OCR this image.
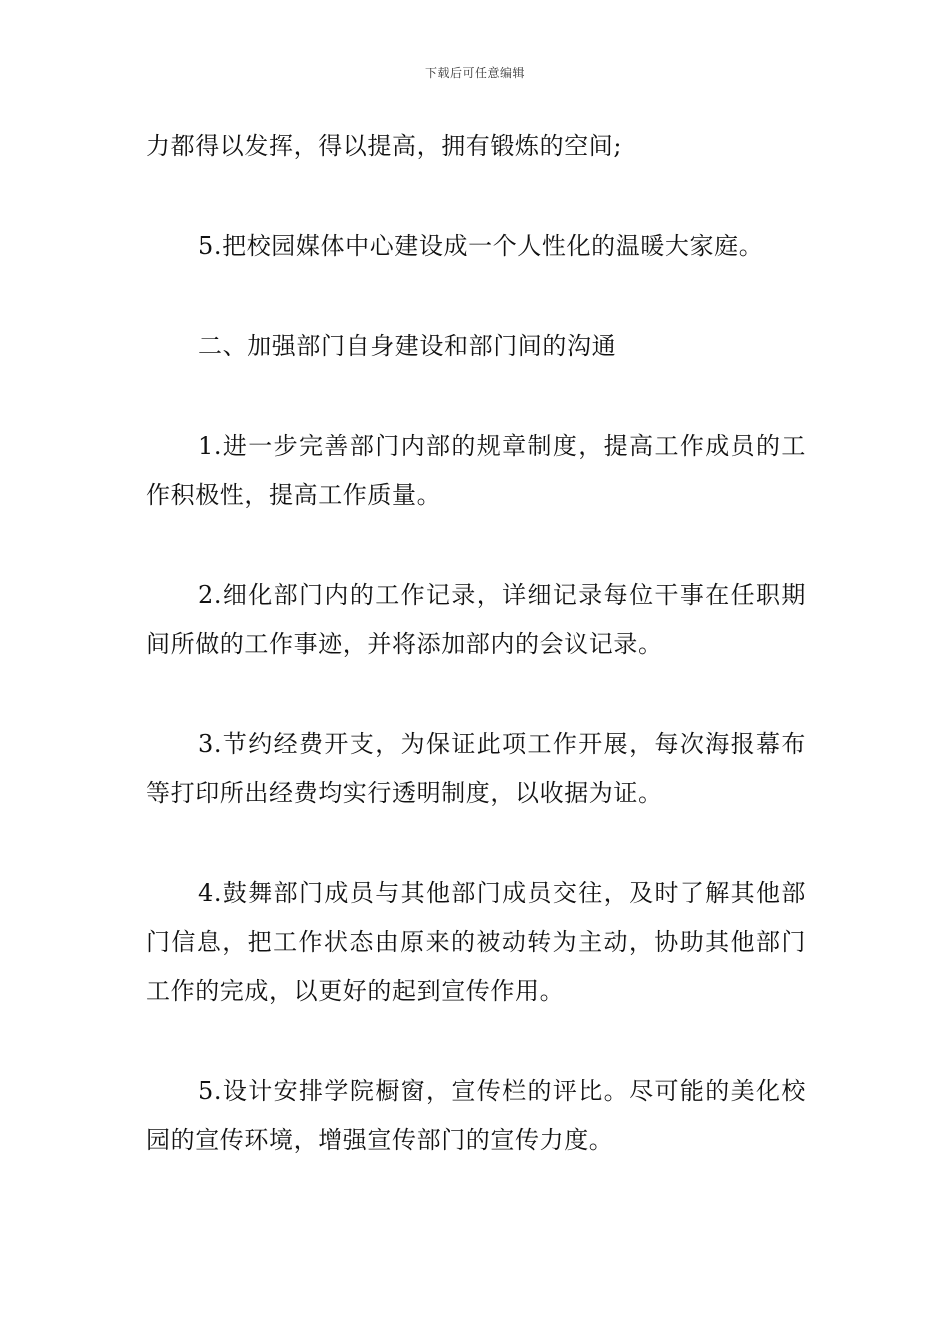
下载后可任意编辑

力都得以发挥，得以提高，拥有锻炼的空间;

5.把校园媒体中心建设成一个人性化的温暖大家庭。

二、加强部门自身建设和部门间的沟通

1.进一步完善部门内部的规章制度，提高工作成员的工作积极性，提高工作质量。

2.细化部门内的工作记录，详细记录每位干事在任职期间所做的工作事迹，并将添加部内的会议记录。

3.节约经费开支，为保证此项工作开展，每次海报幕布等打印所出经费均实行透明制度，以收据为证。

4.鼓舞部门成员与其他部门成员交往，及时了解其他部门信息，把工作状态由原来的被动转为主动，协助其他部门工作的完成，以更好的起到宣传作用。

5.设计安排学院橱窗，宣传栏的评比。尽可能的美化校园的宣传环境，增强宣传部门的宣传力度。
